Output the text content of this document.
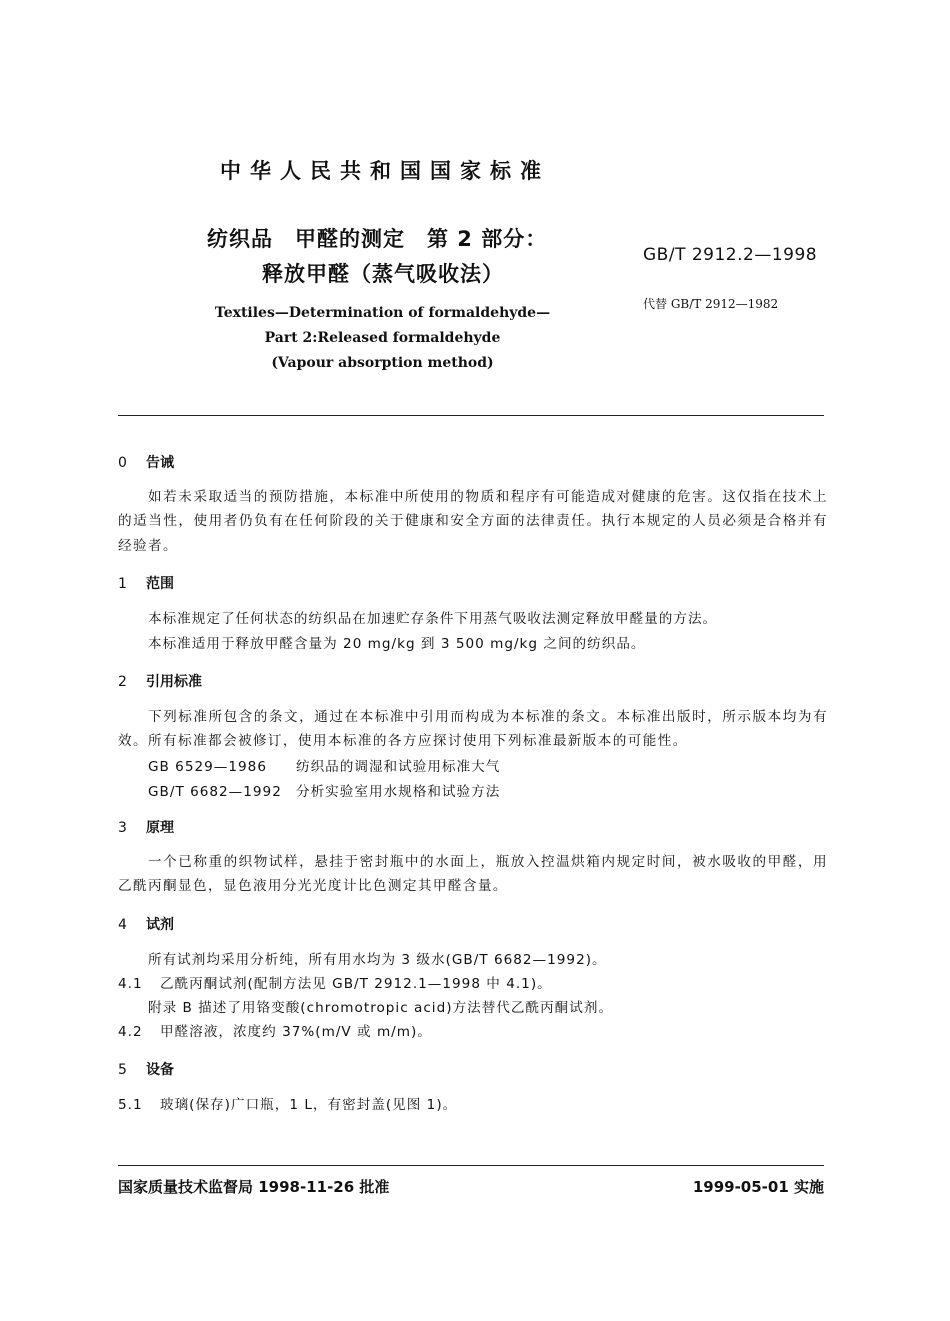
中华人民共和国国家标准
纺织品　甲醛的测定　第 2 部分：
释放甲醛（蒸气吸收法）
Textiles—Determination of formaldehyde—
Part 2:Released formaldehyde
(Vapour absorption method)
GB/T 2912.2—1998
代替 GB/T 2912—1982
0 告诫
如若未采取适当的预防措施，本标准中所使用的物质和程序有可能造成对健康的危害。这仅指在技术上的适当性，使用者仍负有在任何阶段的关于健康和安全方面的法律责任。执行本规定的人员必须是合格并有经验者。
1 范围
本标准规定了任何状态的纺织品在加速贮存条件下用蒸气吸收法测定释放甲醛量的方法。
本标准适用于释放甲醛含量为 20 mg/kg 到 3 500 mg/kg 之间的纺织品。
2 引用标准
下列标准所包含的条文，通过在本标准中引用而构成为本标准的条文。本标准出版时，所示版本均为有效。所有标准都会被修订，使用本标准的各方应探讨使用下列标准最新版本的可能性。
GB 6529—1986 纺织品的调湿和试验用标准大气
GB/T 6682—1992 分析实验室用水规格和试验方法
3 原理
一个已称重的织物试样，悬挂于密封瓶中的水面上，瓶放入控温烘箱内规定时间，被水吸收的甲醛，用乙酰丙酮显色，显色液用分光光度计比色测定其甲醛含量。
4 试剂
所有试剂均采用分析纯，所有用水均为 3 级水(GB/T 6682—1992)。
4.1 乙酰丙酮试剂(配制方法见 GB/T 2912.1—1998 中 4.1)。
附录 B 描述了用铬变酸(chromotropic acid)方法替代乙酰丙酮试剂。
4.2 甲醛溶液，浓度约 37%(m/V 或 m/m)。
5 设备
5.1 玻璃(保存)广口瓶，1 L，有密封盖(见图 1)。
国家质量技术监督局 1998-11-26 批准	1999-05-01 实施
